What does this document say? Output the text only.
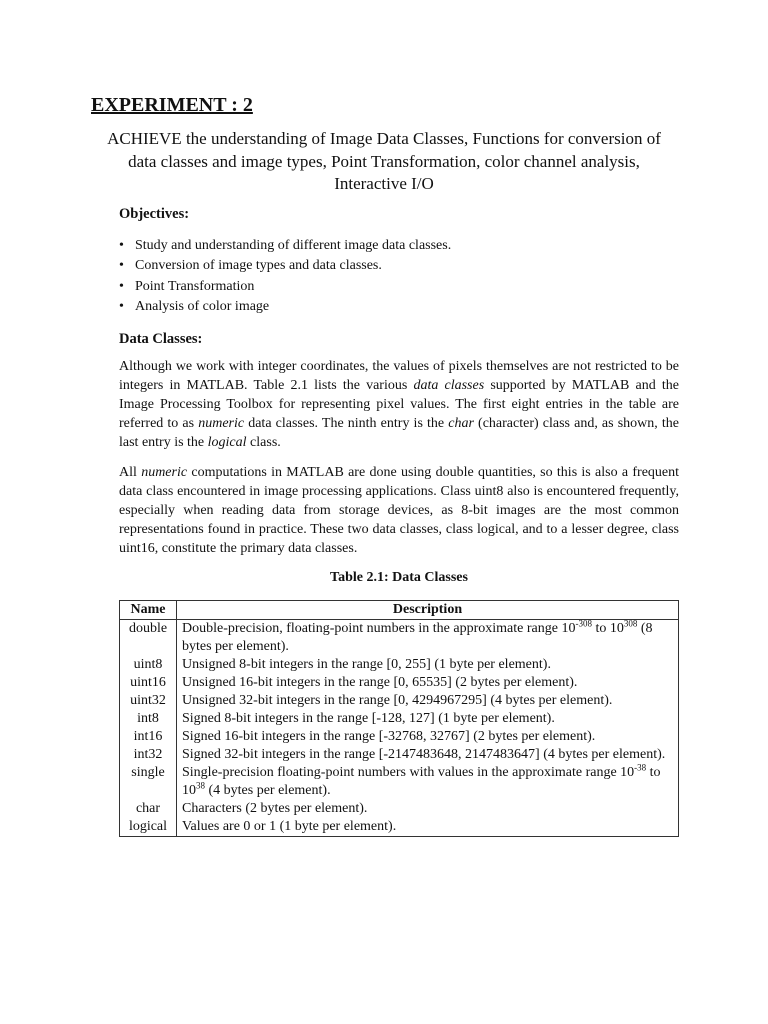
EXPERIMENT : 2
ACHIEVE the understanding of Image Data Classes, Functions for conversion of
data classes and image types, Point Transformation, color channel analysis,
Interactive I/O
Objectives:
• Study and understanding of different image data classes.
• Conversion of image types and data classes.
• Point Transformation
• Analysis of color image
Data Classes:
Although we work with integer coordinates, the values of pixels themselves are not restricted to be integers in MATLAB. Table 2.1 lists the various data classes supported by MATLAB and the Image Processing Toolbox for representing pixel values. The first eight entries in the table are referred to as numeric data classes. The ninth entry is the char (character) class and, as shown, the last entry is the logical class.
All numeric computations in MATLAB are done using double quantities, so this is also a frequent data class encountered in image processing applications. Class uint8 also is encountered frequently, especially when reading data from storage devices, as 8-bit images are the most common representations found in practice. These two data classes, class logical, and to a lesser degree, class uint16, constitute the primary data classes.
Table 2.1: Data Classes
Name	Description
double	Double-precision, floating-point numbers in the approximate range $10^{-308}$ to $10^{308}$ (8 bytes per element).
uint8	Unsigned 8-bit integers in the range [0, 255] (1 byte per element).
uint16	Unsigned 16-bit integers in the range [0, 65535] (2 bytes per element).
uint32	Unsigned 32-bit integers in the range [0, 4294967295] (4 bytes per element).
int8	Signed 8-bit integers in the range [-128, 127] (1 byte per element).
int16	Signed 16-bit integers in the range [-32768, 32767] (2 bytes per element).
int32	Signed 32-bit integers in the range [-2147483648, 2147483647] (4 bytes per element).
single	Single-precision floating-point numbers with values in the approximate range $10^{-38}$ to $10^{38}$ (4 bytes per element).
char	Characters (2 bytes per element).
logical	Values are 0 or 1 (1 byte per element).
